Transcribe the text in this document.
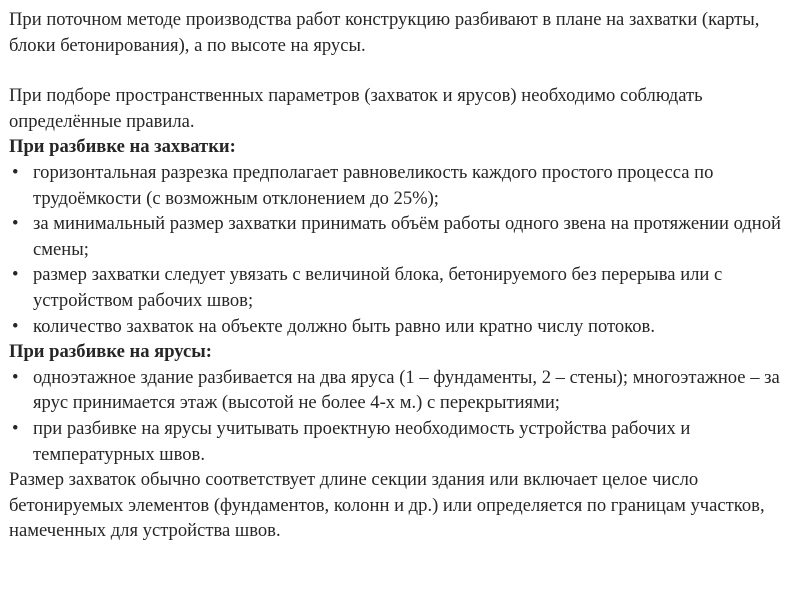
При поточном методе производства работ конструкцию разбивают в плане на захватки (карты, блоки бетонирования), а по высоте на ярусы.

При подборе пространственных параметров (захваток и ярусов) необходимо соблюдать определённые правила.

При разбивке на захватки:

• горизонтальная разрезка предполагает равновеликость каждого простого процесса по трудоёмкости (с возможным отклонением до 25%);
• за минимальный размер захватки принимать объём работы одного звена на протяжении одной смены;
• размер захватки следует увязать с величиной блока, бетонируемого без перерыва или с устройством рабочих швов;
• количество захваток на объекте должно быть равно или кратно числу потоков.

При разбивке на ярусы:

• одноэтажное здание разбивается на два яруса (1 – фундаменты, 2 – стены); многоэтажное – за ярус принимается этаж (высотой не более 4-х м.) с перекрытиями;
• при разбивке на ярусы учитывать проектную необходимость устройства рабочих и температурных швов.

Размер захваток обычно соответствует длине секции здания или включает целое число бетонируемых элементов (фундаментов, колонн и др.) или определяется по границам участков, намеченных для устройства швов.
